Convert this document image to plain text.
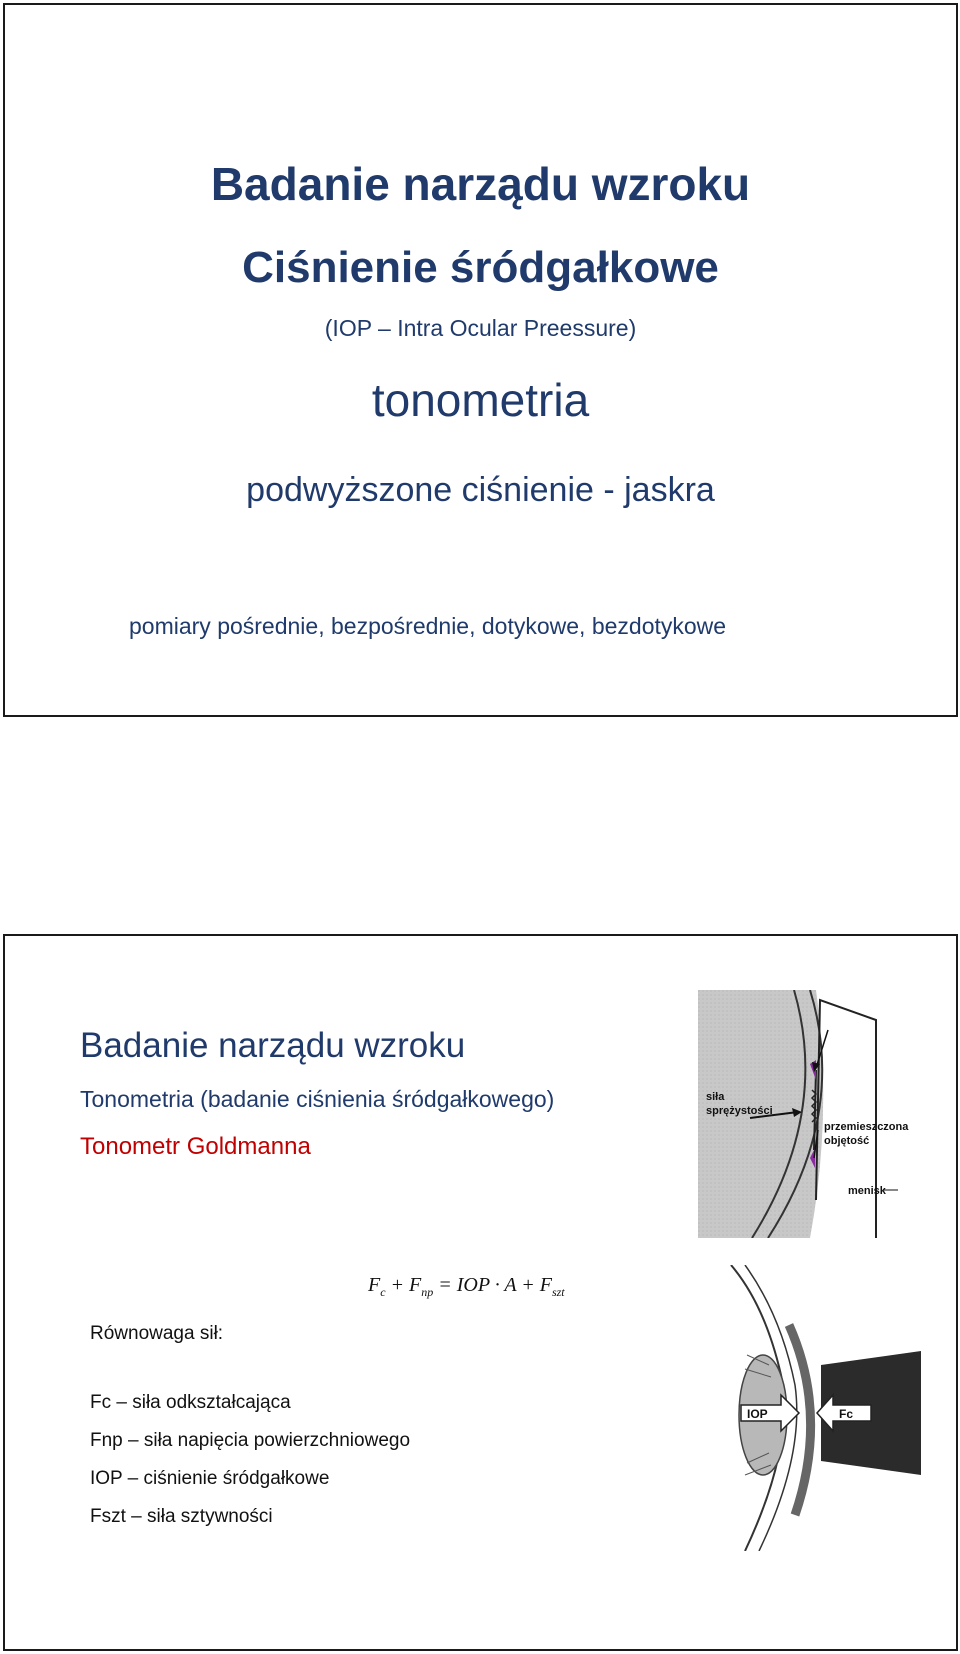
Badanie narządu wzroku
Ciśnienie śródgałkowe
(IOP – Intra Ocular Preessure)
tonometria
podwyższone ciśnienie - jaskra
pomiary pośrednie, bezpośrednie, dotykowe, bezdotykowe
Badanie narządu wzroku
Tonometria (badanie ciśnienia śródgałkowego)
Tonometr Goldmanna
siła
sprężystości
przemieszczona
objętość
menisk
$F_c + F_{np}$ = IOP · $A + F_{szt}$
Równowaga sił:
Fc – siła odkształcająca
Fnp – siła napięcia powierzchniowego
IOP – ciśnienie śródgałkowe
Fszt – siła sztywności
IOP	Fc
